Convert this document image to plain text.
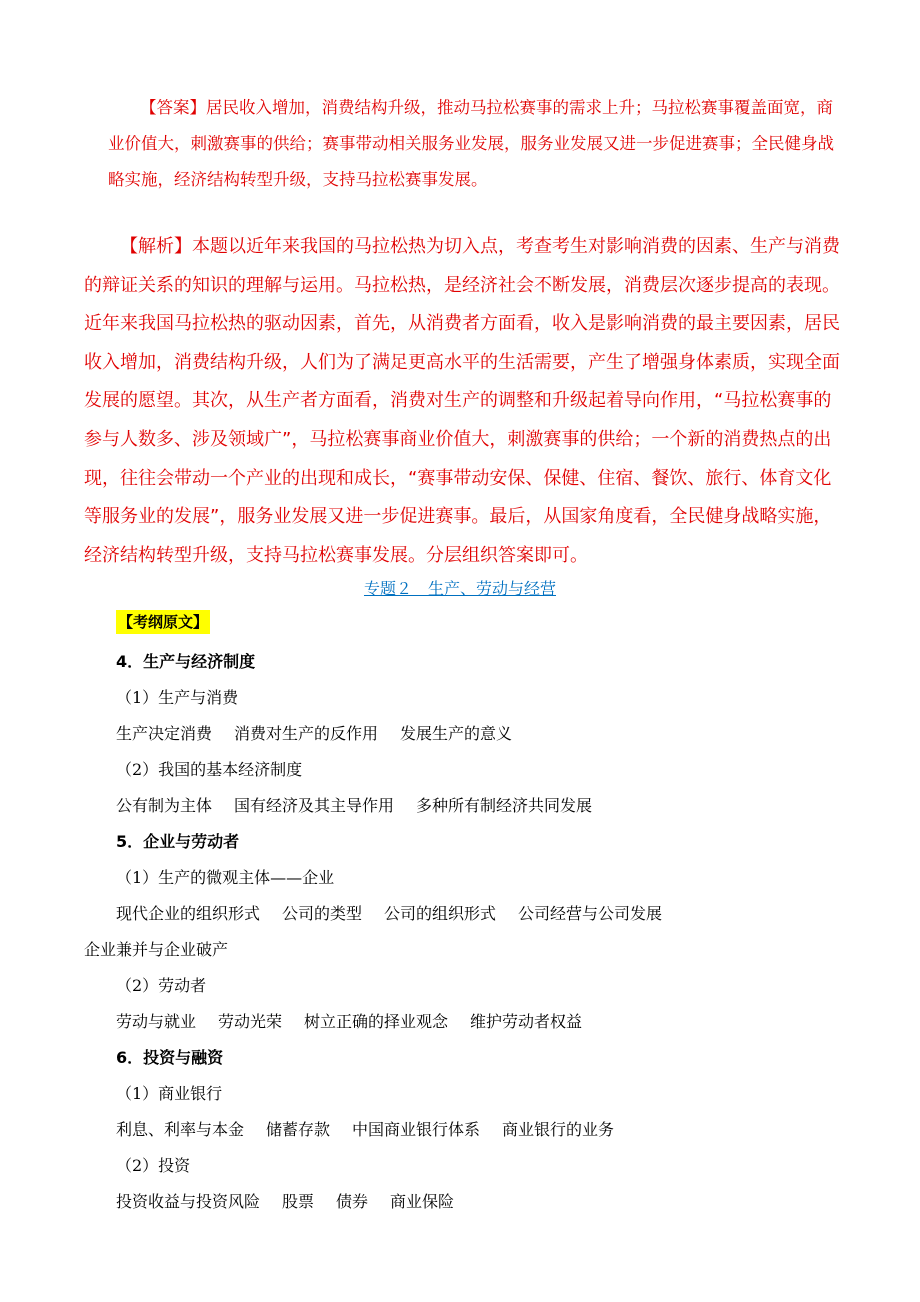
【答案】居民收入增加，消费结构升级，推动马拉松赛事的需求上升；马拉松赛事覆盖面宽，商业价值大，刺激赛事的供给；赛事带动相关服务业发展，服务业发展又进一步促进赛事；全民健身战略实施，经济结构转型升级，支持马拉松赛事发展。

【解析】本题以近年来我国的马拉松热为切入点，考查考生对影响消费的因素、生产与消费的辩证关系的知识的理解与运用。马拉松热，是经济社会不断发展，消费层次逐步提高的表现。近年来我国马拉松热的驱动因素，首先，从消费者方面看，收入是影响消费的最主要因素，居民收入增加，消费结构升级，人们为了满足更高水平的生活需要，产生了增强身体素质，实现全面发展的愿望。其次，从生产者方面看，消费对生产的调整和升级起着导向作用，“马拉松赛事的参与人数多、涉及领域广”，马拉松赛事商业价值大，刺激赛事的供给；一个新的消费热点的出现，往往会带动一个产业的出现和成长，“赛事带动安保、保健、住宿、餐饮、旅行、体育文化等服务业的发展”，服务业发展又进一步促进赛事。最后，从国家角度看，全民健身战略实施，经济结构转型升级，支持马拉松赛事发展。分层组织答案即可。

专题２　生产、劳动与经营
【考纲原文】
4．生产与经济制度
（1）生产与消费
生产决定消费 消费对生产的反作用 发展生产的意义
（2）我国的基本经济制度
公有制为主体 国有经济及其主导作用 多种所有制经济共同发展
5．企业与劳动者
（1）生产的微观主体——企业
现代企业的组织形式 公司的类型 公司的组织形式 公司经营与公司发展
企业兼并与企业破产
（2）劳动者
劳动与就业 劳动光荣 树立正确的择业观念 维护劳动者权益
6．投资与融资
（1）商业银行
利息、利率与本金 储蓄存款 中国商业银行体系 商业银行的业务
（2）投资
投资收益与投资风险 股票 债券 商业保险
